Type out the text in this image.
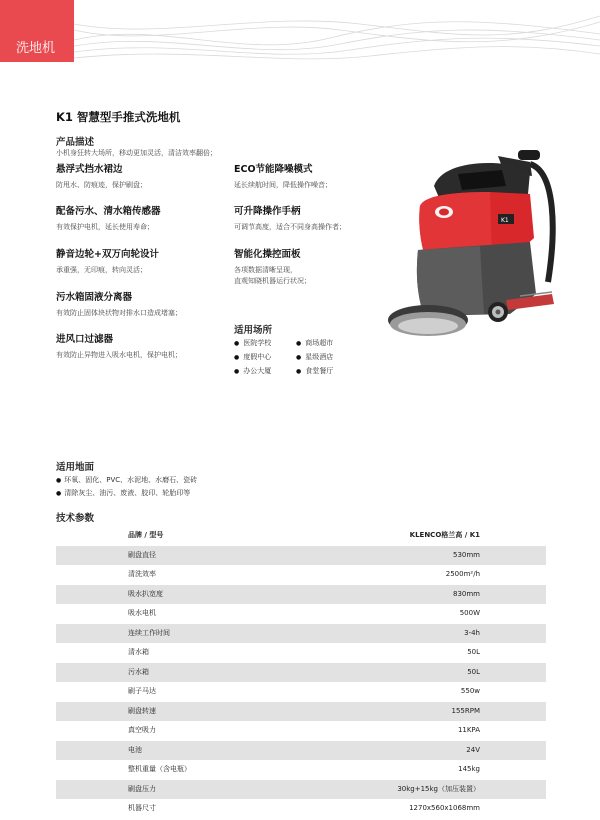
洗地机
K1 智慧型手推式洗地机
产品描述
小机身狂转大场所，移动更加灵活，清洁效率翻倍；
悬浮式挡水裙边
防甩水、防痕迹，保护刷盘；
配备污水、清水箱传感器
有效保护电机，延长使用寿命；
静音边轮+双万向轮设计
承重强，无印痕，转向灵活；
污水箱固液分离器
有效防止固体块状物对排水口造成堵塞；
进风口过滤器
有效防止异物进入吸水电机，保护电机；
ECO节能降噪模式
延长续航时间，降低操作噪音；
可升降操作手柄
可调节高度，适合不同身高操作者；
智能化操控面板
各项数据清晰呈现，
直观知晓机器运行状况；
适用场所
● 医院学校	● 商场超市
● 度假中心	● 星级酒店
● 办公大厦	● 食堂餐厅
K1
适用地面
● 环氧、固化、PVC、水泥地、水磨石、瓷砖
● 清除灰尘、油污、废液、胶印、轮胎印等
技术参数
品牌 / 型号	KLENCO格兰高 / K1
刷盘直径	530mm
清洗效率	2500m²/h
吸水扒宽度	830mm
吸水电机	500W
连续工作时间	3-4h
清水箱	50L
污水箱	50L
刷子马达	550w
刷盘转速	155RPM
真空吸力	11KPA
电池	24V
整机重量（含电瓶）	145kg
刷盘压力	30kg+15kg（加压装置）
机器尺寸	1270x560x1068mm
